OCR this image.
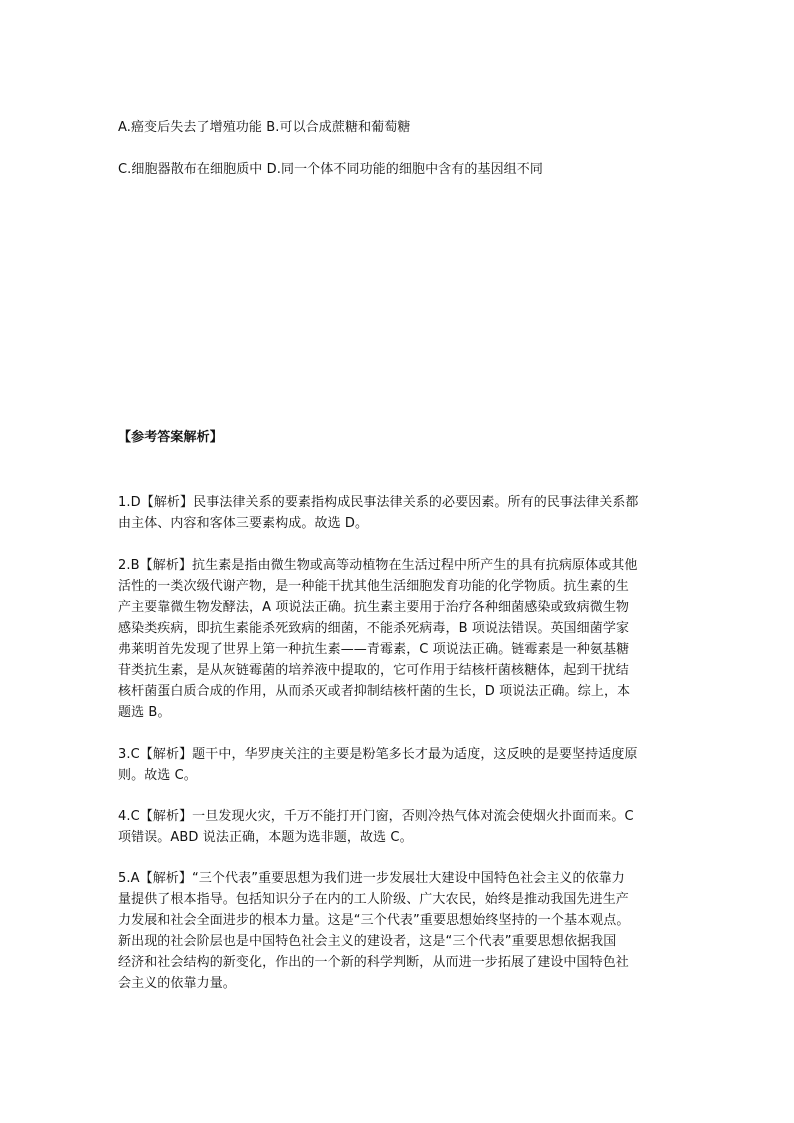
A.癌变后失去了增殖功能 B.可以合成蔗糖和葡萄糖
C.细胞器散布在细胞质中 D.同一个体不同功能的细胞中含有的基因组不同
【参考答案解析】
1.D【解析】民事法律关系的要素指构成民事法律关系的必要因素。所有的民事法律关系都
由主体、内容和客体三要素构成。故选 D。
2.B【解析】抗生素是指由微生物或高等动植物在生活过程中所产生的具有抗病原体或其他
活性的一类次级代谢产物，是一种能干扰其他生活细胞发育功能的化学物质。抗生素的生
产主要靠微生物发酵法，A 项说法正确。抗生素主要用于治疗各种细菌感染或致病微生物
感染类疾病，即抗生素能杀死致病的细菌，不能杀死病毒，B 项说法错误。英国细菌学家
弗莱明首先发现了世界上第一种抗生素——青霉素，C 项说法正确。链霉素是一种氨基糖
苷类抗生素，是从灰链霉菌的培养液中提取的，它可作用于结核杆菌核糖体，起到干扰结
核杆菌蛋白质合成的作用，从而杀灭或者抑制结核杆菌的生长，D 项说法正确。综上，本
题选 B。
3.C【解析】题干中，华罗庚关注的主要是粉笔多长才最为适度，这反映的是要坚持适度原
则。故选 C。
4.C【解析】一旦发现火灾，千万不能打开门窗，否则冷热气体对流会使烟火扑面而来。C
项错误。ABD 说法正确，本题为选非题，故选 C。
5.A【解析】“三个代表”重要思想为我们进一步发展壮大建设中国特色社会主义的依靠力
量提供了根本指导。包括知识分子在内的工人阶级、广大农民，始终是推动我国先进生产
力发展和社会全面进步的根本力量。这是“三个代表”重要思想始终坚持的一个基本观点。
新出现的社会阶层也是中国特色社会主义的建设者，这是“三个代表”重要思想依据我国
经济和社会结构的新变化，作出的一个新的科学判断，从而进一步拓展了建设中国特色社
会主义的依靠力量。
